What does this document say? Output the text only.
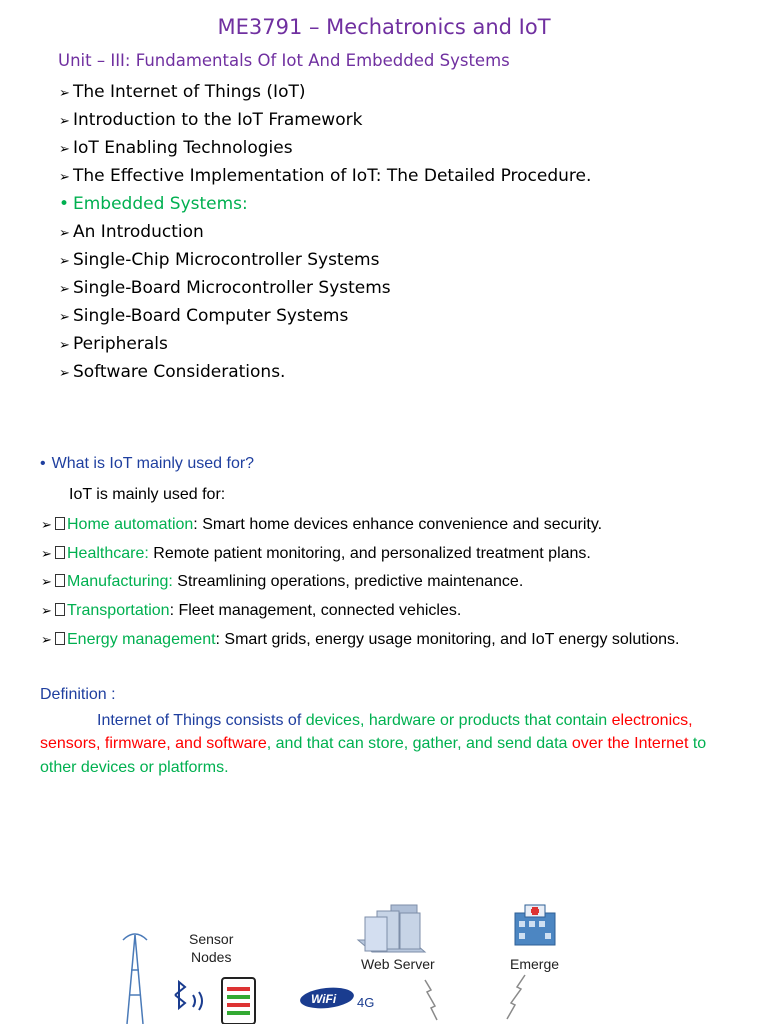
ME3791 – Mechatronics and IoT
Unit – III: Fundamentals Of Iot And Embedded Systems
➢ The Internet of Things (IoT)
➢ Introduction to the IoT Framework
➢ IoT Enabling Technologies
➢ The Effective Implementation of IoT: The Detailed Procedure.
• Embedded Systems:
➢ An Introduction
➢ Single-Chip Microcontroller Systems
➢ Single-Board Microcontroller Systems
➢ Single-Board Computer Systems
➢ Peripherals
➢ Software Considerations.
• What is IoT mainly used for?
IoT is mainly used for:
➢ Home automation: Smart home devices enhance convenience and security.
➢ Healthcare: Remote patient monitoring, and personalized treatment plans.
➢ Manufacturing: Streamlining operations, predictive maintenance.
➢ Transportation: Fleet management, connected vehicles.
➢ Energy management: Smart grids, energy usage monitoring, and IoT energy solutions.
Definition :
Internet of Things consists of devices, hardware or products that contain electronics, sensors, firmware, and software, and that can store, gather, and send data over the Internet to other devices or platforms.
WiFi 4G
Sensor
Nodes	Web Server	Emerge
